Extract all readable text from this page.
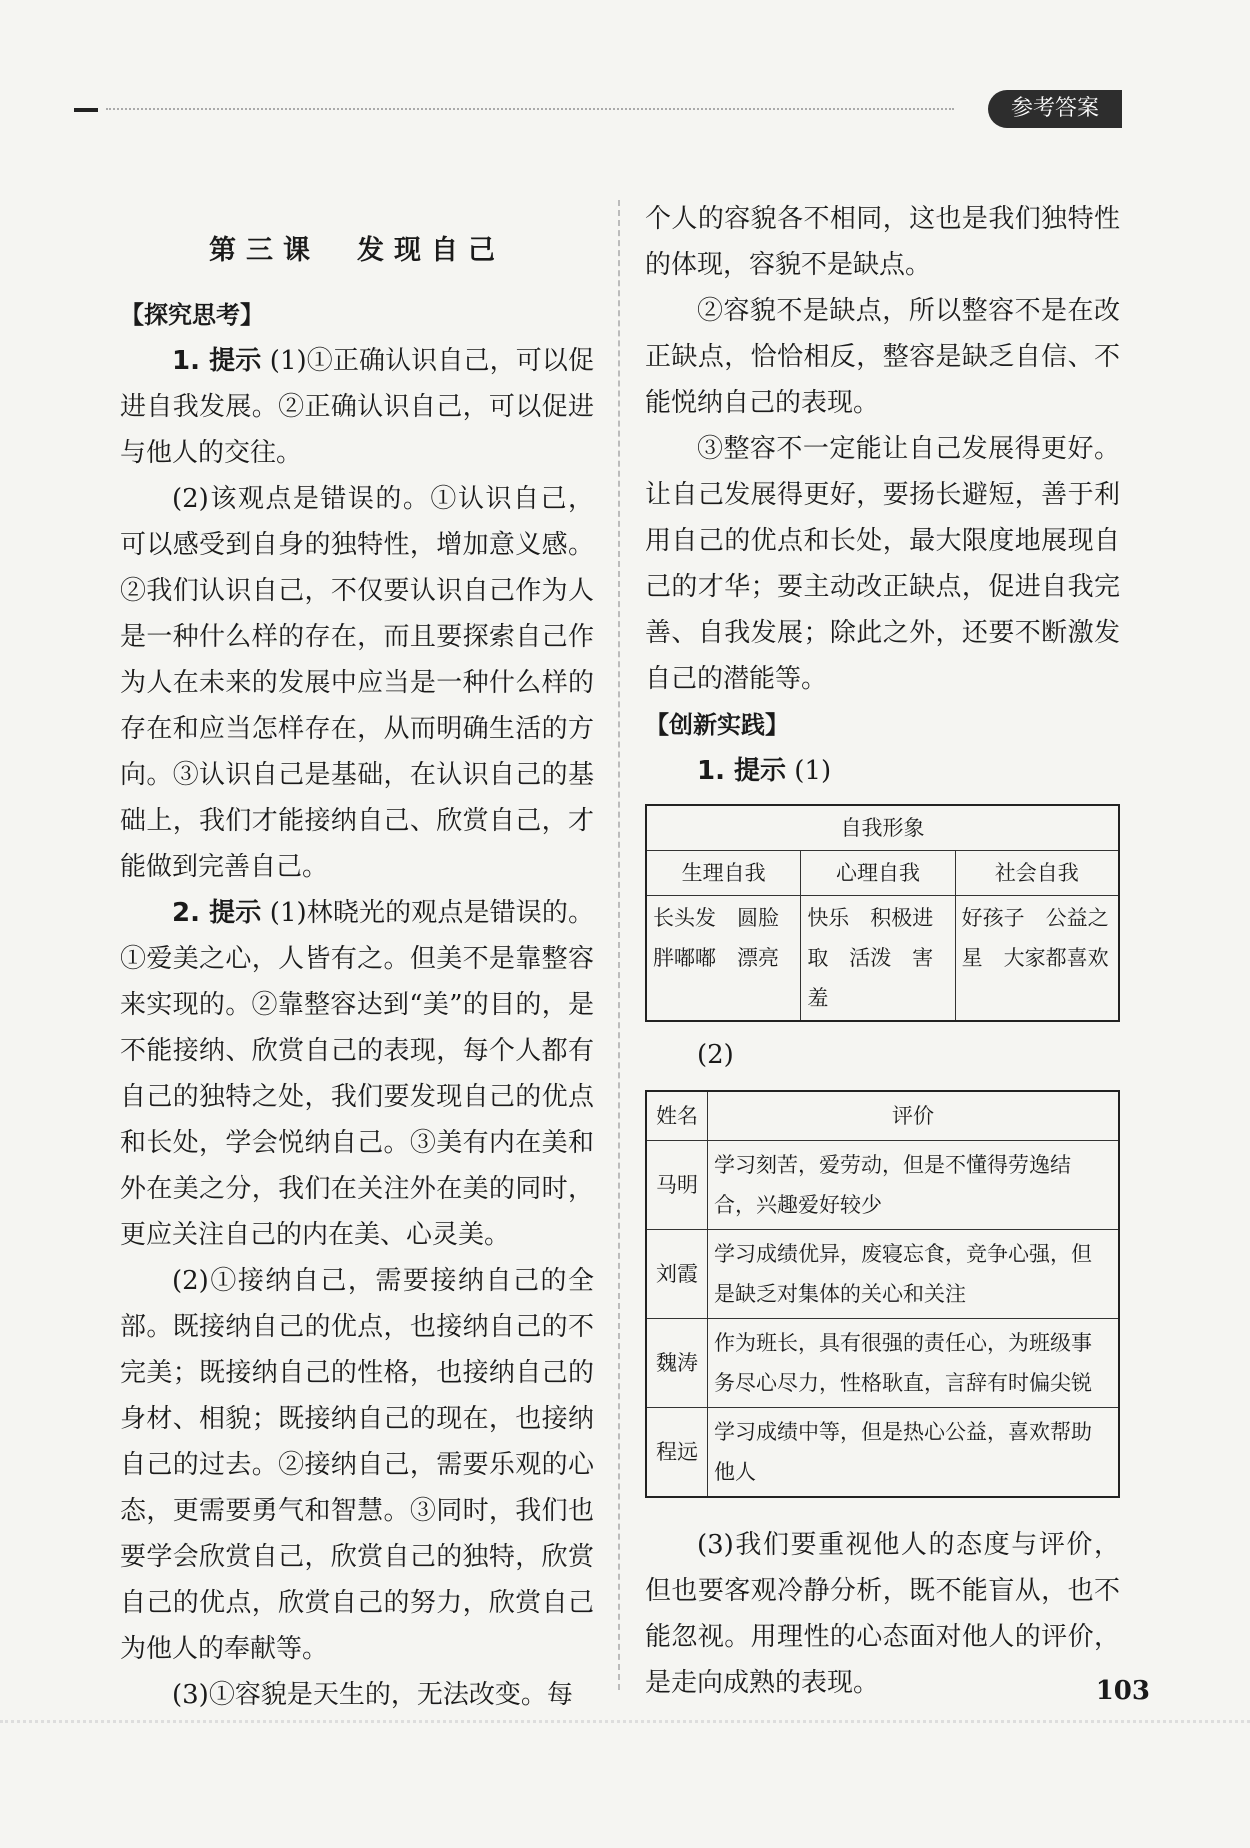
参考答案

第三课　发现自己

【探究思考】

1. 提示 (1)①正确认识自己，可以促进自我发展。②正确认识自己，可以促进与他人的交往。

(2)该观点是错误的。①认识自己，可以感受到自身的独特性，增加意义感。②我们认识自己，不仅要认识自己作为人是一种什么样的存在，而且要探索自己作为人在未来的发展中应当是一种什么样的存在和应当怎样存在，从而明确生活的方向。③认识自己是基础，在认识自己的基础上，我们才能接纳自己、欣赏自己，才能做到完善自己。

2. 提示 (1)林晓光的观点是错误的。①爱美之心，人皆有之。但美不是靠整容来实现的。②靠整容达到“美”的目的，是不能接纳、欣赏自己的表现，每个人都有自己的独特之处，我们要发现自己的优点和长处，学会悦纳自己。③美有内在美和外在美之分，我们在关注外在美的同时，更应关注自己的内在美、心灵美。

(2)①接纳自己，需要接纳自己的全部。既接纳自己的优点，也接纳自己的不完美；既接纳自己的性格，也接纳自己的身材、相貌；既接纳自己的现在，也接纳自己的过去。②接纳自己，需要乐观的心态，更需要勇气和智慧。③同时，我们也要学会欣赏自己，欣赏自己的独特，欣赏自己的优点，欣赏自己的努力，欣赏自己为他人的奉献等。

(3)①容貌是天生的，无法改变。每

个人的容貌各不相同，这也是我们独特性的体现，容貌不是缺点。

②容貌不是缺点，所以整容不是在改正缺点，恰恰相反，整容是缺乏自信、不能悦纳自己的表现。

③整容不一定能让自己发展得更好。让自己发展得更好，要扬长避短，善于利用自己的优点和长处，最大限度地展现自己的才华；要主动改正缺点，促进自我完善、自我发展；除此之外，还要不断激发自己的潜能等。

【创新实践】

1. 提示 (1)

自我形象		
生理自我	心理自我	社会自我
长头发　圆脸　胖嘟嘟　漂亮	快乐　积极进取　活泼　害羞	好孩子　公益之星　大家都喜欢

(2)

姓名	评价
马明	学习刻苦，爱劳动，但是不懂得劳逸结合，兴趣爱好较少
刘霞	学习成绩优异，废寝忘食，竞争心强，但是缺乏对集体的关心和关注
魏涛	作为班长，具有很强的责任心，为班级事务尽心尽力，性格耿直，言辞有时偏尖锐
程远	学习成绩中等，但是热心公益，喜欢帮助他人

(3)我们要重视他人的态度与评价，但也要客观冷静分析，既不能盲从，也不能忽视。用理性的心态面对他人的评价，是走向成熟的表现。	103
